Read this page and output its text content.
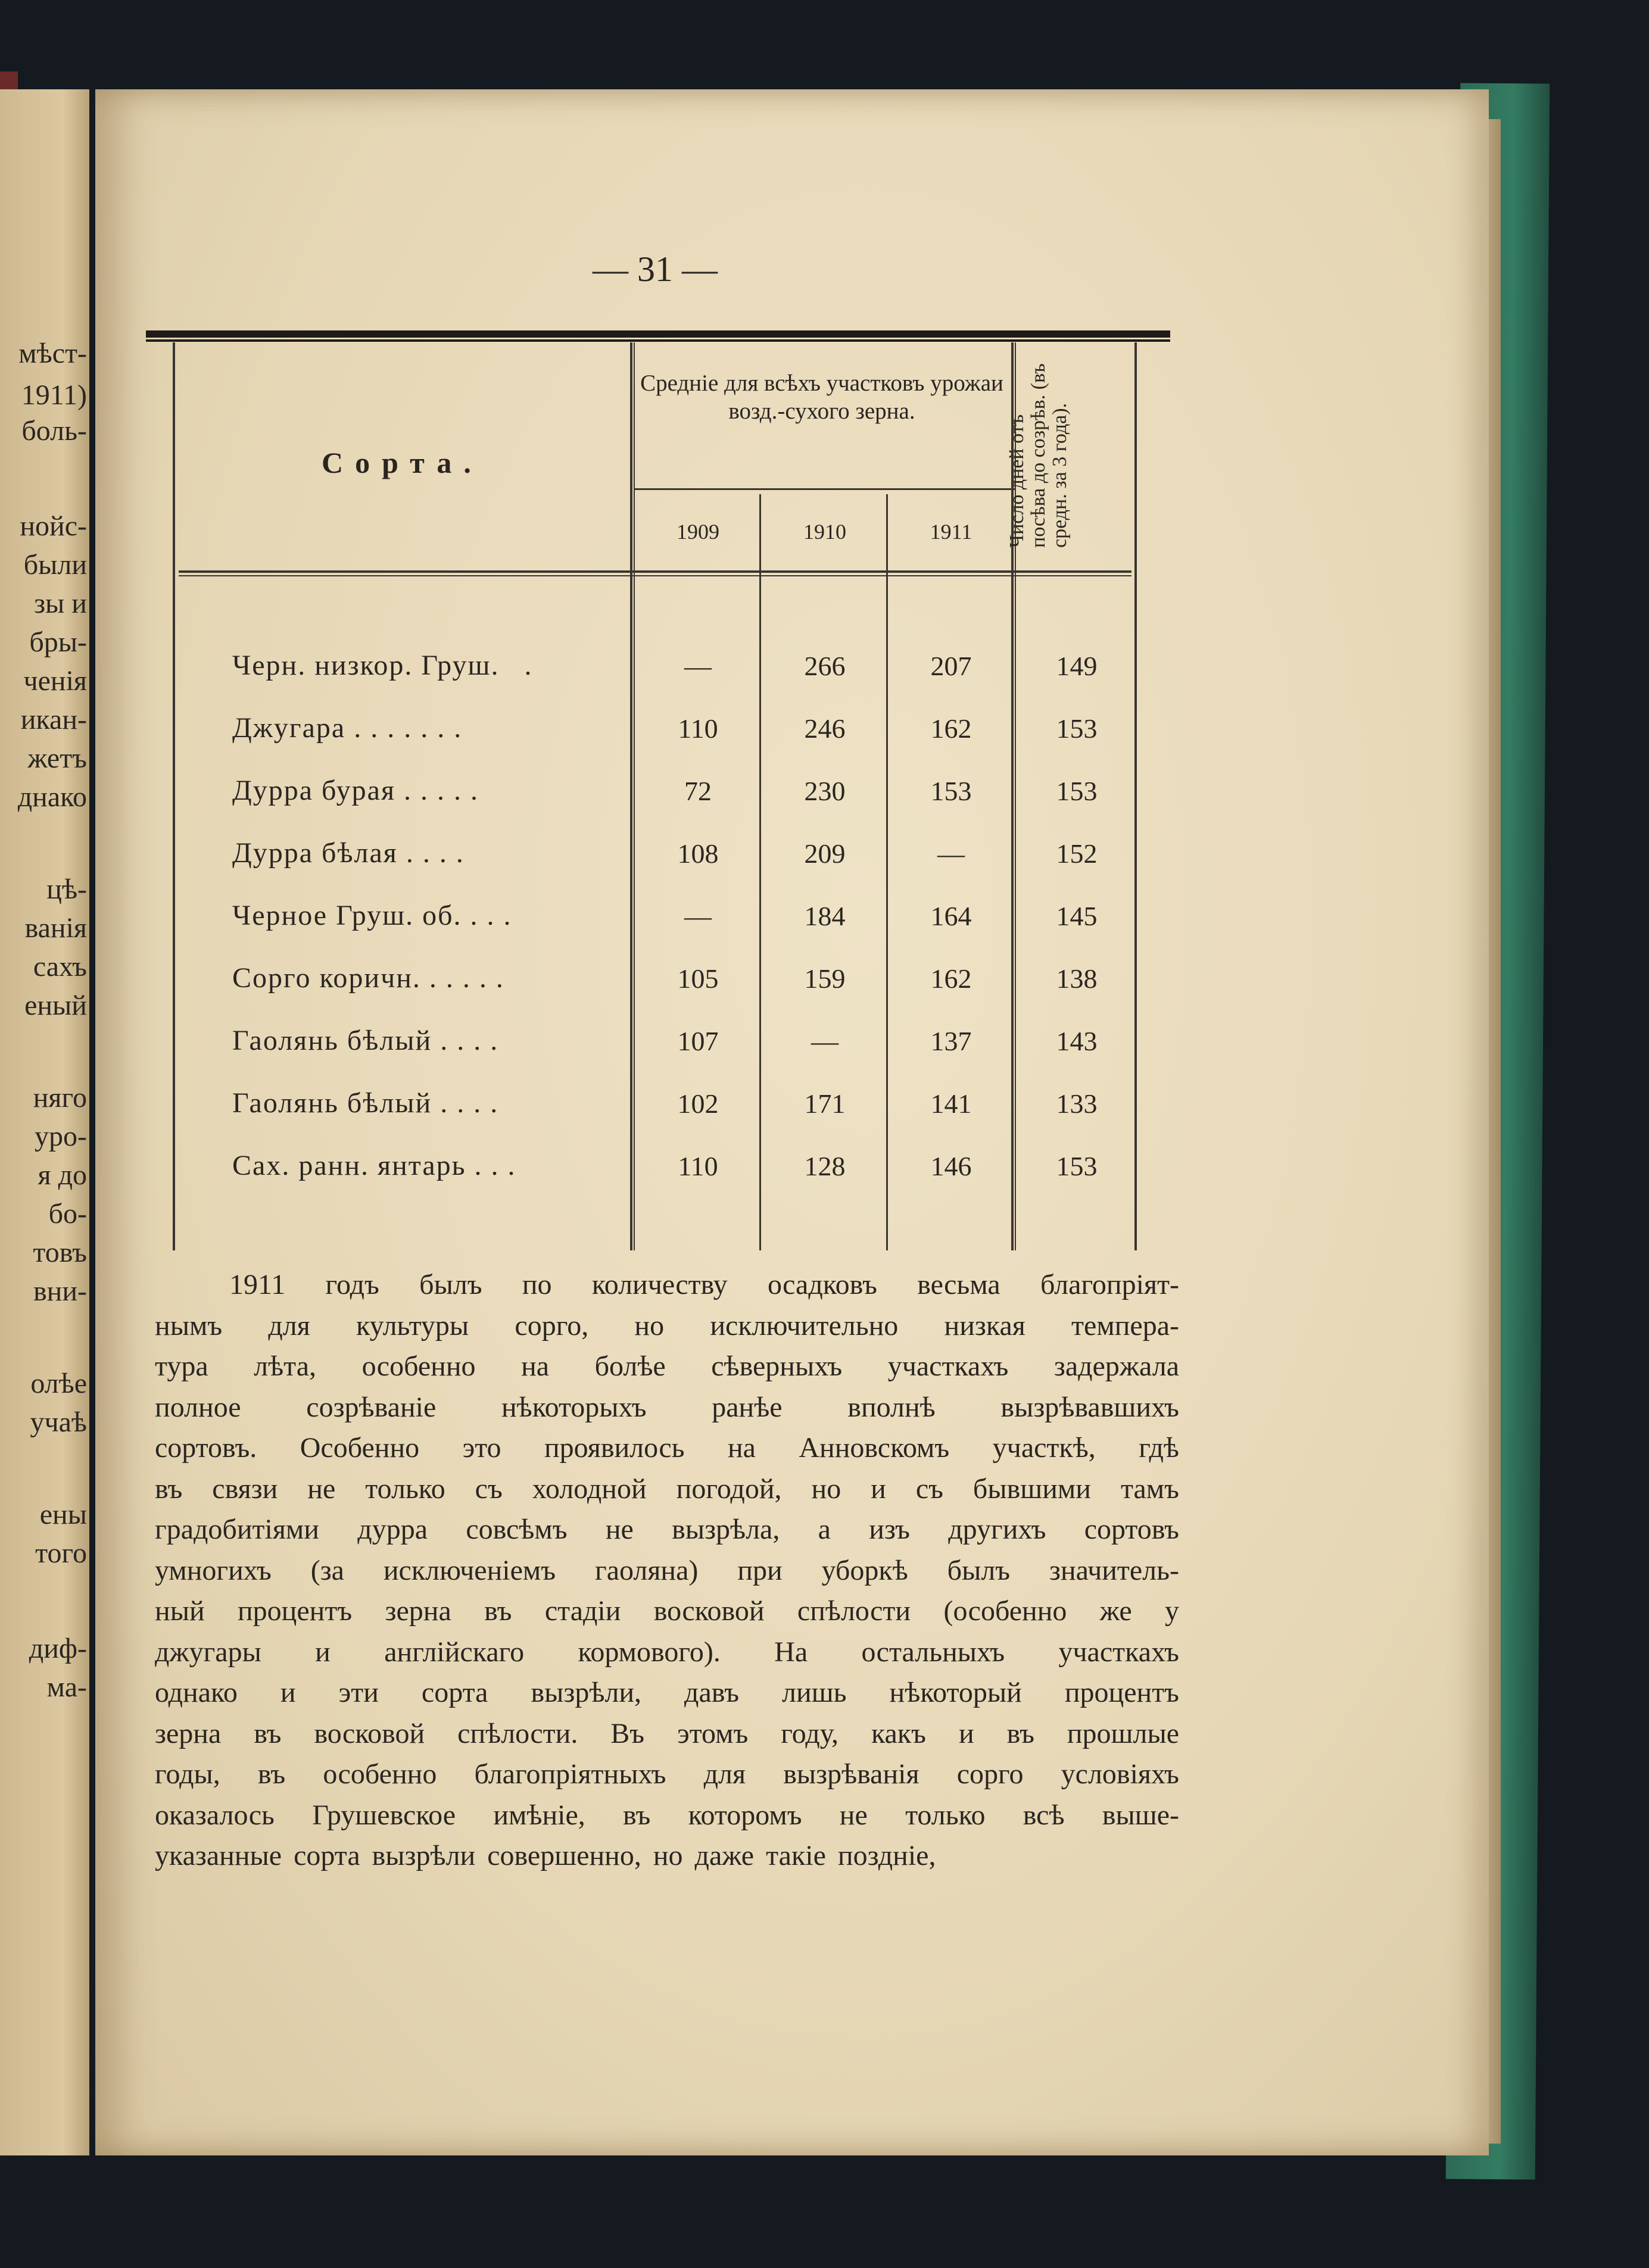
мѣст-
1911)
боль-
нойс-
были
зы и
бры-
ченія
икан-
жетъ
днако
цѣ-
ванія
сахъ
еный
няго
уро-
я до
бо-
товъ
вни-
олѣе
учаѣ
ены
того
диф-
ма-
— 31 —
Сорта.
Средніе для всѣхъ участковъ урожаи возд.-сухого зерна.
Число дней отъ посѣва до созрѣв. (въ средн. за 3 года).
1909	1910	1911
Черн. низкор. Груш.   .	—	266	207	149
Джугара . . . . . . .	110	246	162	153
Дурра бурая . . . . .	72	230	153	153
Дурра бѣлая . . . .	108	209	—	152
Черное Груш. об. . . .	—	184	164	145
Сорго коричн. . . . . .	105	159	162	138
Гаолянь бѣлый . . . .	107	—	137	143
Гаолянь бѣлый . . . .	102	171	141	133
Сах. ранн. янтарь . . .	110	128	146	153
1911 годъ былъ по количеству осадковъ весьма благопріят-
нымъ для культуры сорго, но исключительно низкая темпера-
тура лѣта, особенно на болѣе сѣверныхъ участкахъ задержала
полное созрѣваніе нѣкоторыхъ ранѣе вполнѣ вызрѣвавшихъ
сортовъ. Особенно это проявилось на Анновскомъ участкѣ, гдѣ
въ связи не только съ холодной погодой, но и съ бывшими тамъ
градобитіями дурра совсѣмъ не вызрѣла, а изъ другихъ сортовъ
умногихъ (за исключеніемъ гаоляна) при уборкѣ былъ значитель-
ный процентъ зерна въ стадіи восковой спѣлости (особенно же у
джугары и англійскаго кормового). На остальныхъ участкахъ
однако и эти сорта вызрѣли, давъ лишь нѣкоторый процентъ
зерна въ восковой спѣлости. Въ этомъ году, какъ и въ прошлые
годы, въ особенно благопріятныхъ для вызрѣванія сорго условіяхъ
оказалось Грушевское имѣніе, въ которомъ не только всѣ выше-
указанные сорта вызрѣли совершенно, но даже такіе поздніе,
